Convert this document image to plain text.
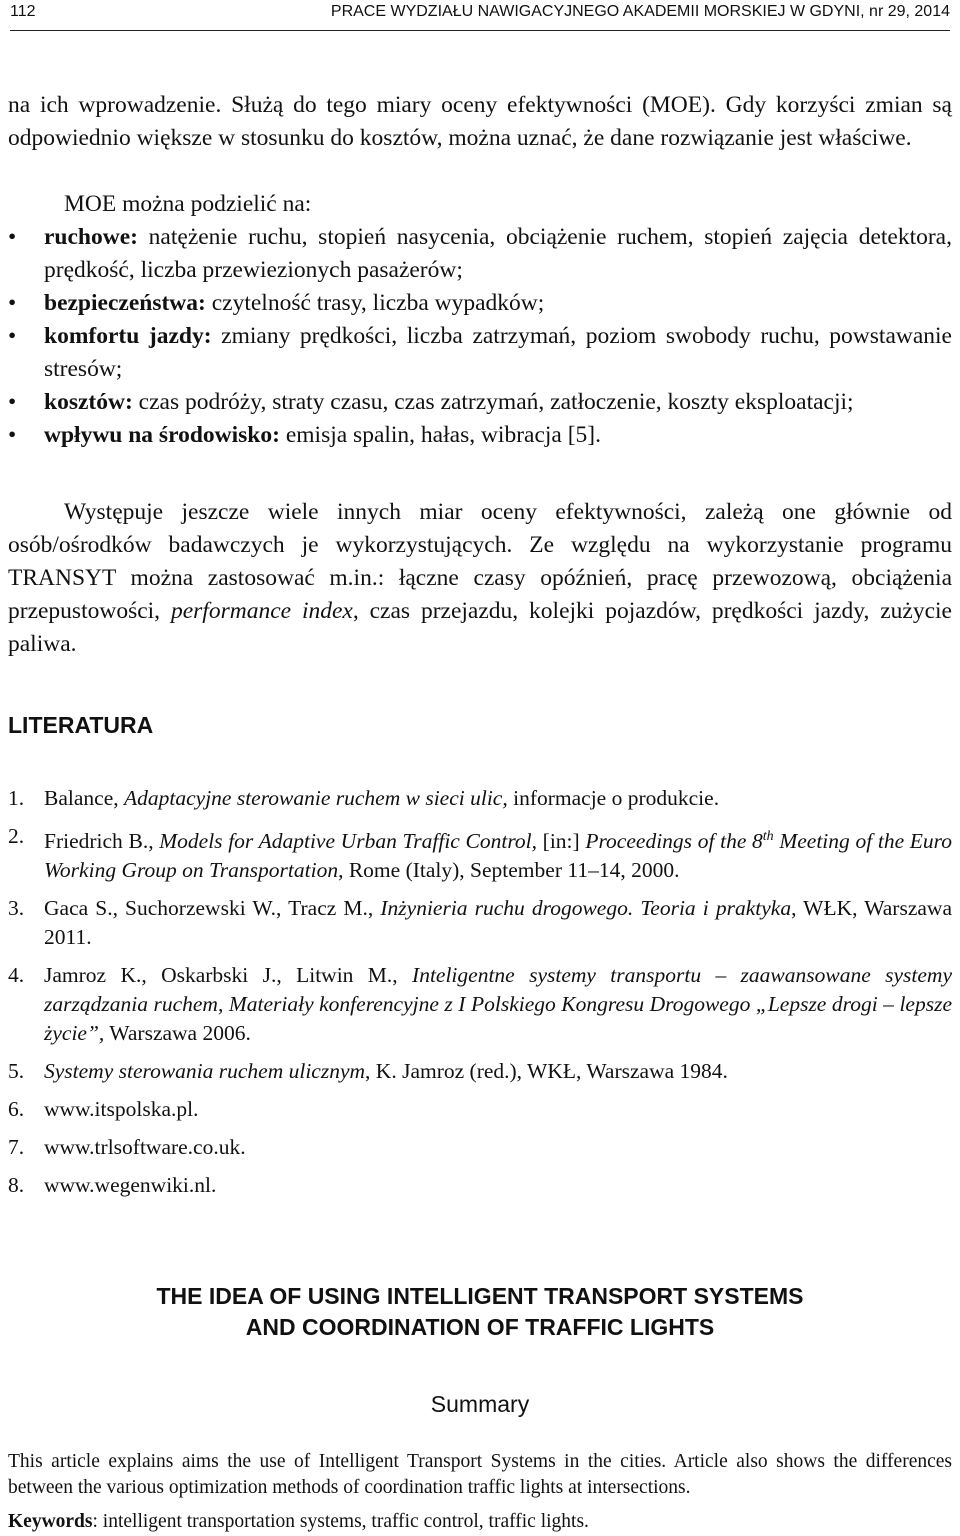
112	PRACE WYDZIAŁU NAWIGACYJNEGO AKADEMII MORSKIEJ W GDYNI, nr 29, 2014

na ich wprowadzenie. Służą do tego miary oceny efektywności (MOE). Gdy korzyści zmian są odpowiednio większe w stosunku do kosztów, można uznać, że dane rozwiązanie jest właściwe.

MOE można podzielić na:

• ruchowe: natężenie ruchu, stopień nasycenia, obciążenie ruchem, stopień zajęcia detektora, prędkość, liczba przewiezionych pasażerów;
• bezpieczeństwa: czytelność trasy, liczba wypadków;
• komfortu jazdy: zmiany prędkości, liczba zatrzymań, poziom swobody ruchu, powstawanie stresów;
• kosztów: czas podróży, straty czasu, czas zatrzymań, zatłoczenie, koszty eksploatacji;
• wpływu na środowisko: emisja spalin, hałas, wibracja [5].

Występuje jeszcze wiele innych miar oceny efektywności, zależą one głównie od osób/ośrodków badawczych je wykorzystujących. Ze względu na wykorzystanie programu TRANSYT można zastosować m.in.: łączne czasy opóźnień, pracę przewozową, obciążenia przepustowości, performance index, czas przejazdu, kolejki pojazdów, prędkości jazdy, zużycie paliwa.

LITERATURA
1. Balance, Adaptacyjne sterowanie ruchem w sieci ulic, informacje o produkcie.
2. Friedrich B., Models for Adaptive Urban Traffic Control, [in:] Proceedings of the 8th Meeting of the Euro Working Group on Transportation, Rome (Italy), September 11–14, 2000.
3. Gaca S., Suchorzewski W., Tracz M., Inżynieria ruchu drogowego. Teoria i praktyka, WŁK, Warszawa 2011.
4. Jamroz K., Oskarbski J., Litwin M., Inteligentne systemy transportu – zaawansowane systemy zarządzania ruchem, Materiały konferencyjne z I Polskiego Kongresu Drogowego „Lepsze drogi – lepsze życie”, Warszawa 2006.
5. Systemy sterowania ruchem ulicznym, K. Jamroz (red.), WKŁ, Warszawa 1984.
6. www.itspolska.pl.
7. www.trlsoftware.co.uk.
8. www.wegenwiki.nl.
THE IDEA OF USING INTELLIGENT TRANSPORT SYSTEMS
AND COORDINATION OF TRAFFIC LIGHTS
Summary

This article explains aims the use of Intelligent Transport Systems in the cities. Article also shows the differences between the various optimization methods of coordination traffic lights at intersections.

Keywords: intelligent transportation systems, traffic control, traffic lights.
